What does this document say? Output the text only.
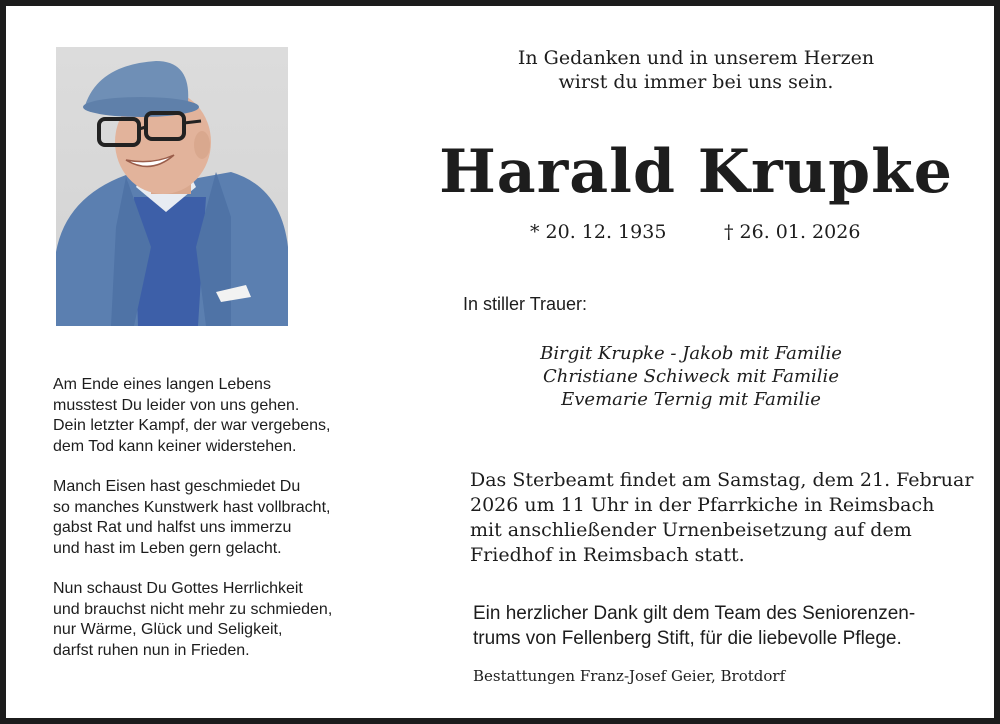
In Gedanken und in unserem Herzen
wirst du immer bei uns sein.
Harald Krupke
* 20. 12. 1935	† 26. 01. 2026
In stiller Trauer:
Birgit Krupke - Jakob mit Familie
Christiane Schiweck mit Familie
Evemarie Ternig mit Familie
Am Ende eines langen Lebens
musstest Du leider von uns gehen.
Dein letzter Kampf, der war vergebens,
dem Tod kann keiner widerstehen.
Manch Eisen hast geschmiedet Du
so manches Kunstwerk hast vollbracht,
gabst Rat und halfst uns immerzu
und hast im Leben gern gelacht.
Nun schaust Du Gottes Herrlichkeit
und brauchst nicht mehr zu schmieden,
nur Wärme, Glück und Seligkeit,
darfst ruhen nun in Frieden.
Das Sterbeamt findet am Samstag, dem 21. Februar
2026 um 11 Uhr in der Pfarrkiche in Reimsbach
mit anschließender Urnenbeisetzung auf dem
Friedhof in Reimsbach statt.
Ein herzlicher Dank gilt dem Team des Seniorenzen-
trums von Fellenberg Stift, für die liebevolle Pflege.
Bestattungen Franz-Josef Geier, Brotdorf
